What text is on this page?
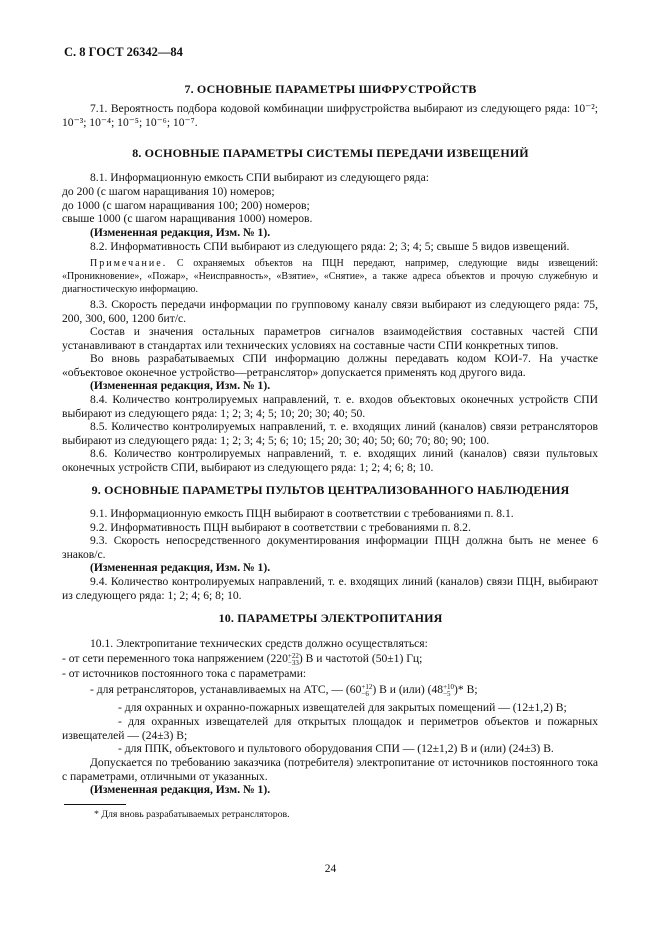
С. 8 ГОСТ 26342—84
7. ОСНОВНЫЕ ПАРАМЕТРЫ ШИФРУСТРОЙСТВ
7.1. Вероятность подбора кодовой комбинации шифрустройства выбирают из следующего ряда: 10⁻²; 10⁻³; 10⁻⁴; 10⁻⁵; 10⁻⁶; 10⁻⁷.
8. ОСНОВНЫЕ ПАРАМЕТРЫ СИСТЕМЫ ПЕРЕДАЧИ ИЗВЕЩЕНИЙ
8.1. Информационную емкость СПИ выбирают из следующего ряда:
до 200 (с шагом наращивания 10) номеров;
до 1000 (с шагом наращивания 100; 200) номеров;
свыше 1000 (с шагом наращивания 1000) номеров.
(Измененная редакция, Изм. № 1).
8.2. Информативность СПИ выбирают из следующего ряда: 2; 3; 4; 5; свыше 5 видов извещений.
Примечание. С охраняемых объектов на ПЦН передают, например, следующие виды извещений: «Проникновение», «Пожар», «Неисправность», «Взятие», «Снятие», а также адреса объектов и прочую служебную и диагностическую информацию.
8.3. Скорость передачи информации по групповому каналу связи выбирают из следующего ряда: 75, 200, 300, 600, 1200 бит/с.
Состав и значения остальных параметров сигналов взаимодействия составных частей СПИ устанавливают в стандартах или технических условиях на составные части СПИ конкретных типов.
Во вновь разрабатываемых СПИ информацию должны передавать кодом КОИ-7. На участке «объектовое оконечное устройство—ретранслятор» допускается применять код другого вида.
(Измененная редакция, Изм. № 1).
8.4. Количество контролируемых направлений, т. е. входов объектовых оконечных устройств СПИ выбирают из следующего ряда: 1; 2; 3; 4; 5; 10; 20; 30; 40; 50.
8.5. Количество контролируемых направлений, т. е. входящих линий (каналов) связи ретрансляторов выбирают из следующего ряда: 1; 2; 3; 4; 5; 6; 10; 15; 20; 30; 40; 50; 60; 70; 80; 90; 100.
8.6. Количество контролируемых направлений, т. е. входящих линий (каналов) связи пультовых оконечных устройств СПИ, выбирают из следующего ряда: 1; 2; 4; 6; 8; 10.
9. ОСНОВНЫЕ ПАРАМЕТРЫ ПУЛЬТОВ ЦЕНТРАЛИЗОВАННОГО НАБЛЮДЕНИЯ
9.1. Информационную емкость ПЦН выбирают в соответствии с требованиями п. 8.1.
9.2. Информативность ПЦН выбирают в соответствии с требованиями п. 8.2.
9.3. Скорость непосредственного документирования информации ПЦН должна быть не менее 6 знаков/с.
(Измененная редакция, Изм. № 1).
9.4. Количество контролируемых направлений, т. е. входящих линий (каналов) связи ПЦН, выбирают из следующего ряда: 1; 2; 4; 6; 8; 10.
10. ПАРАМЕТРЫ ЭЛЕКТРОПИТАНИЯ
10.1. Электропитание технических средств должно осуществляться:
- от сети переменного тока напряжением (220 +22
−33 ) В и частотой (50±1) Гц;
- от источников постоянного тока с параметрами:
- для ретрансляторов, устанавливаемых на АТС, — (60 +12
−6 ) В и (или) (48 +10
−5 )* В;
- для охранных и охранно-пожарных извещателей для закрытых помещений — (12±1,2) В;
- для охранных извещателей для открытых площадок и периметров объектов и пожарных извещателей — (24±3) В;
- для ППК, объектового и пультового оборудования СПИ — (12±1,2) В и (или) (24±3) В.
Допускается по требованию заказчика (потребителя) электропитание от источников постоянного тока с параметрами, отличными от указанных.
(Измененная редакция, Изм. № 1).
* Для вновь разрабатываемых ретрансляторов.
24
